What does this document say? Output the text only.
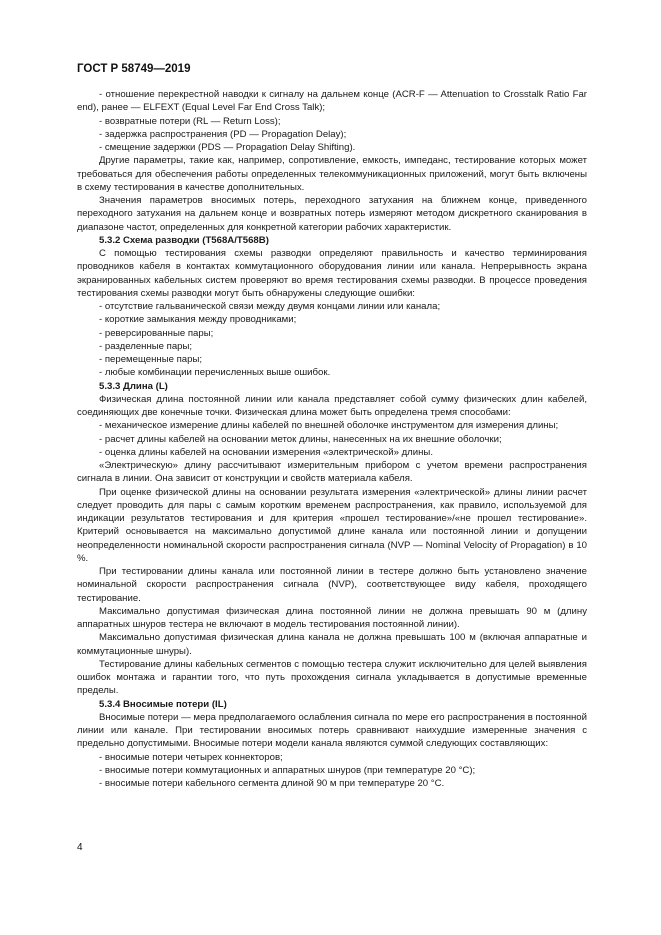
ГОСТ Р 58749—2019

- отношение перекрестной наводки к сигналу на дальнем конце (ACR-F — Attenuation to Crosstalk Ratio Far end), ранее — ELFEXT (Equal Level Far End Cross Talk);

- возвратные потери (RL — Return Loss);

- задержка распространения (PD — Propagation Delay);

- смещение задержки (PDS — Propagation Delay Shifting).

Другие параметры, такие как, например, сопротивление, емкость, импеданс, тестирование которых может требоваться для обеспечения работы определенных телекоммуникационных приложений, могут быть включены в схему тестирования в качестве дополнительных.

Значения параметров вносимых потерь, переходного затухания на ближнем конце, приведенного переходного затухания на дальнем конце и возвратных потерь измеряют методом дискретного сканирования в диапазоне частот, определенных для конкретной категории рабочих характеристик.

5.3.2 Схема разводки (T568A/T568B)

С помощью тестирования схемы разводки определяют правильность и качество терминирования проводников кабеля в контактах коммутационного оборудования линии или канала. Непрерывность экрана экранированных кабельных систем проверяют во время тестирования схемы разводки. В процессе проведения тестирования схемы разводки могут быть обнаружены следующие ошибки:

- отсутствие гальванической связи между двумя концами линии или канала;

- короткие замыкания между проводниками;

- реверсированные пары;

- разделенные пары;

- перемещенные пары;

- любые комбинации перечисленных выше ошибок.

5.3.3 Длина (L)

Физическая длина постоянной линии или канала представляет собой сумму физических длин кабелей, соединяющих две конечные точки. Физическая длина может быть определена тремя способами:

- механическое измерение длины кабелей по внешней оболочке инструментом для измерения длины;

- расчет длины кабелей на основании меток длины, нанесенных на их внешние оболочки;

- оценка длины кабелей на основании измерения «электрической» длины.

«Электрическую» длину рассчитывают измерительным прибором с учетом времени распространения сигнала в линии. Она зависит от конструкции и свойств материала кабеля.

При оценке физической длины на основании результата измерения «электрической» длины линии расчет следует проводить для пары с самым коротким временем распространения, как правило, используемой для индикации результатов тестирования и для критерия «прошел тестирование»/«не прошел тестирование». Критерий основывается на максимально допустимой длине канала или постоянной линии и допущении неопределенности номинальной скорости распространения сигнала (NVP — Nominal Velocity of Propagation) в 10 %.

При тестировании длины канала или постоянной линии в тестере должно быть установлено значение номинальной скорости распространения сигнала (NVP), соответствующее виду кабеля, проходящего тестирование.

Максимально допустимая физическая длина постоянной линии не должна превышать 90 м (длину аппаратных шнуров тестера не включают в модель тестирования постоянной линии).

Максимально допустимая физическая длина канала не должна превышать 100 м (включая аппаратные и коммутационные шнуры).

Тестирование длины кабельных сегментов с помощью тестера служит исключительно для целей выявления ошибок монтажа и гарантии того, что путь прохождения сигнала укладывается в допустимые временные пределы.

5.3.4 Вносимые потери (IL)

Вносимые потери — мера предполагаемого ослабления сигнала по мере его распространения в постоянной линии или канале. При тестировании вносимых потерь сравнивают наихудшие измеренные значения с предельно допустимыми. Вносимые потери модели канала являются суммой следующих составляющих:

- вносимые потери четырех коннекторов;

- вносимые потери коммутационных и аппаратных шнуров (при температуре 20 °C);

- вносимые потери кабельного сегмента длиной 90 м при температуре 20 °C.

4
